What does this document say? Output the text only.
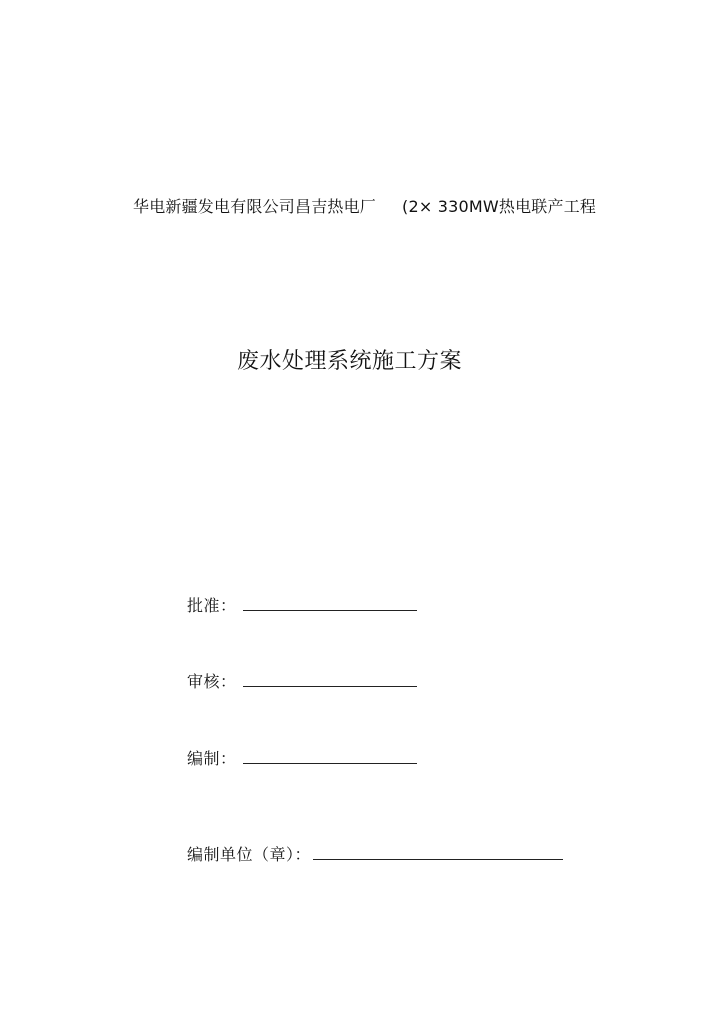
华电新疆发电有限公司昌吉热电厂 (2× 330MW热电联产工程
废水处理系统施工方案
批准：
审核：
编制：
编制单位（章）：
